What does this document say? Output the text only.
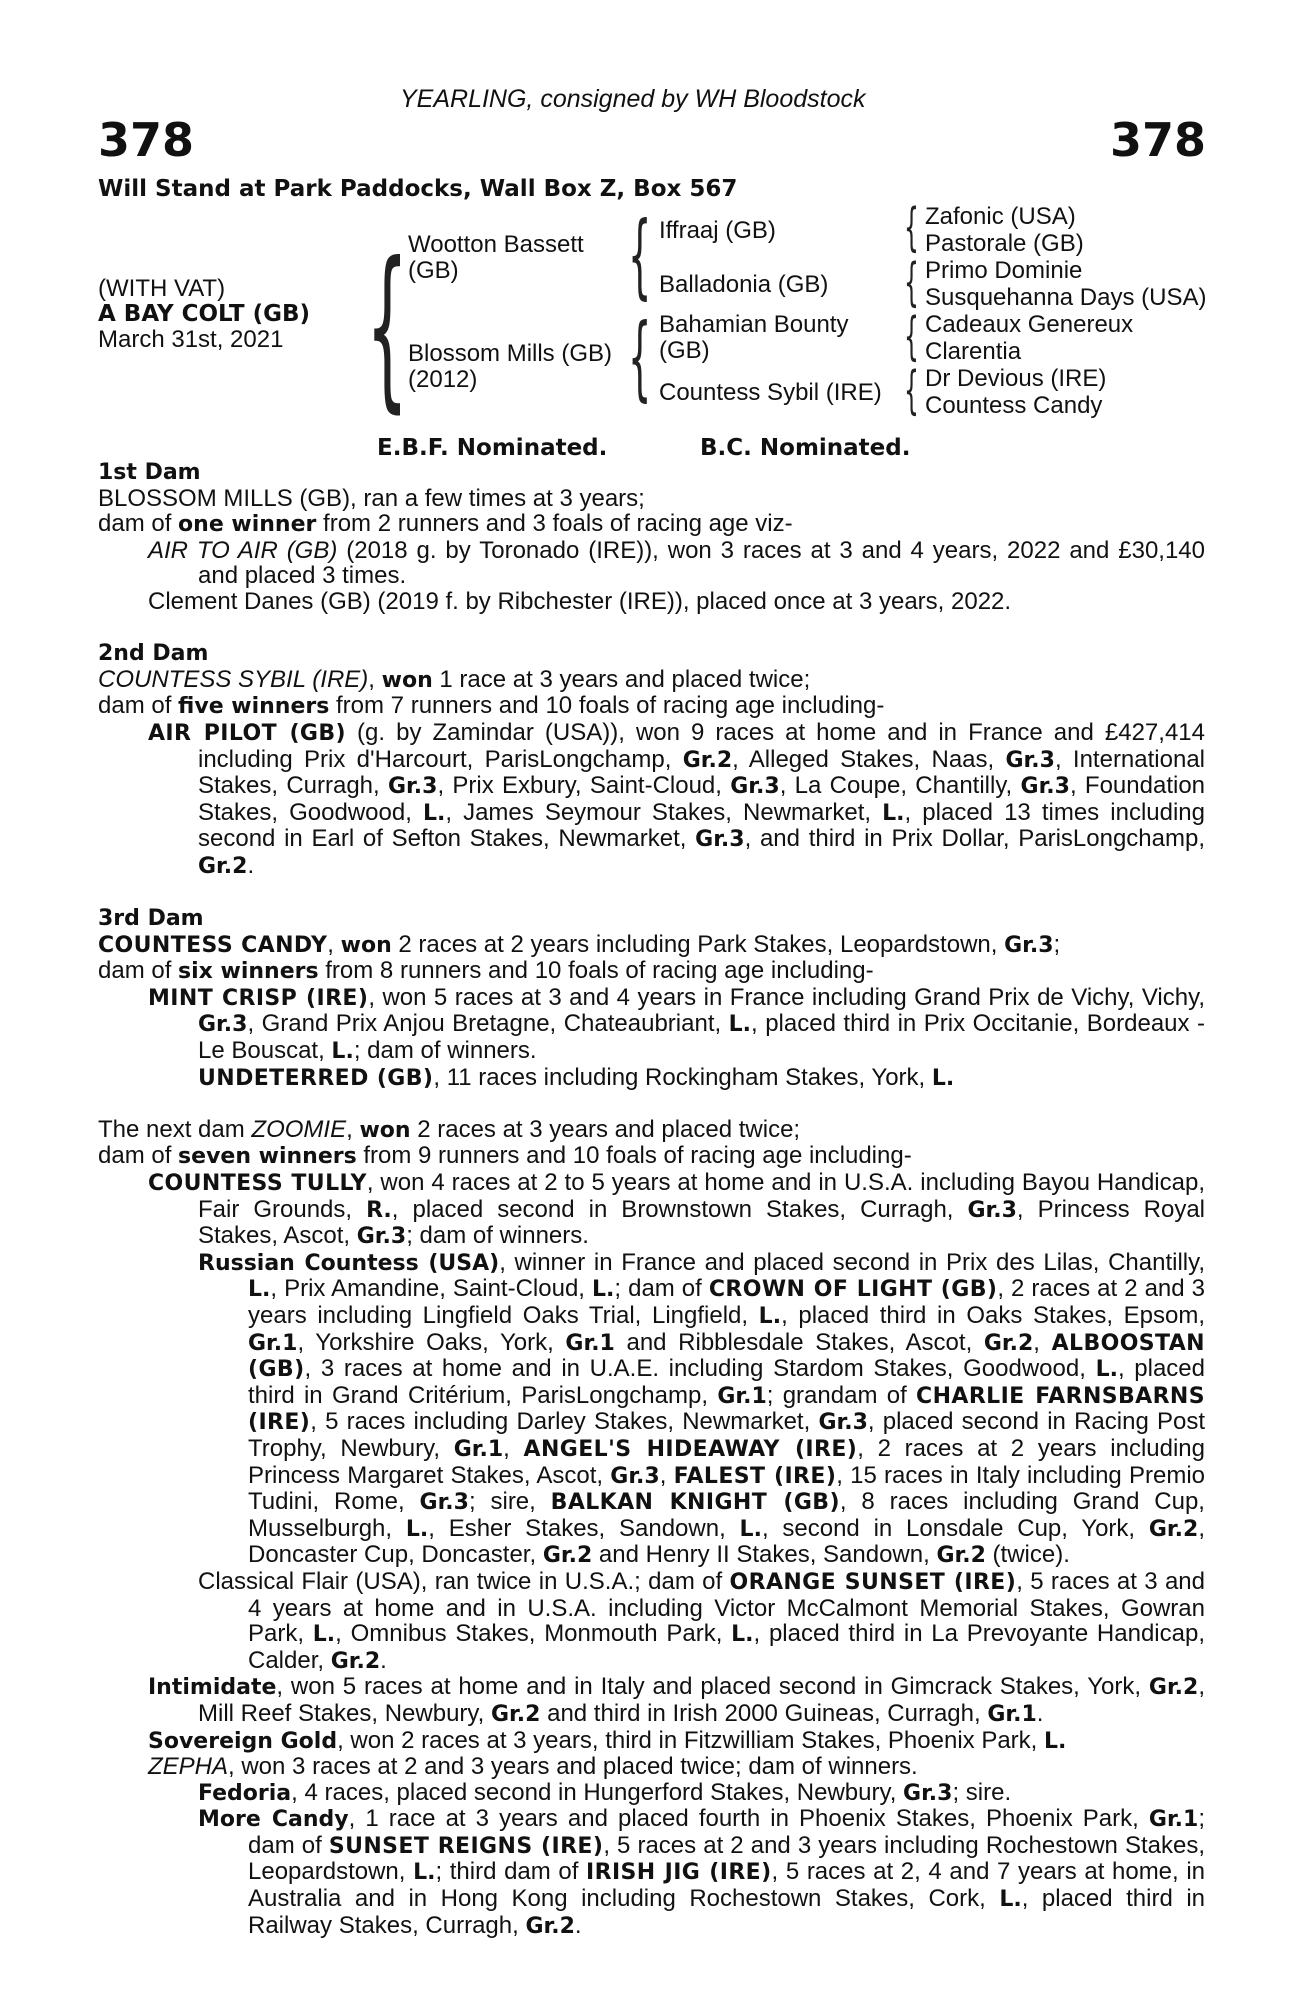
YEARLING, consigned by WH Bloodstock
378	378
Will Stand at Park Paddocks, Wall Box Z, Box 567
(WITH VAT)
A BAY COLT (GB)
March 31st, 2021 { Wootton Bassett
(GB)
Blossom Mills (GB)
(2012)
{
{
Iffraaj (GB)
Balladonia (GB)
Bahamian Bounty
(GB)
Countess Sybil (IRE)
{
{
{
{
Zafonic (USA)
Pastorale (GB)
Primo Dominie
Susquehanna Days (USA)
Cadeaux Genereux
Clarentia
Dr Devious (IRE)
Countess Candy
E.B.F. Nominated.	B.C. Nominated.
1st Dam
BLOSSOM MILLS (GB), ran a few times at 3 years;
dam of one winner from 2 runners and 3 foals of racing age viz-
AIR TO AIR (GB) (2018 g. by Toronado (IRE)), won 3 races at 3 and 4 years, 2022 and £30,140 and placed 3 times.
Clement Danes (GB) (2019 f. by Ribchester (IRE)), placed once at 3 years, 2022.
2nd Dam
COUNTESS SYBIL (IRE), won 1 race at 3 years and placed twice;
dam of five winners from 7 runners and 10 foals of racing age including-
AIR PILOT (GB) (g. by Zamindar (USA)), won 9 races at home and in France and £427,414 including Prix d'Harcourt, ParisLongchamp, Gr.2, Alleged Stakes, Naas, Gr.3, International Stakes, Curragh, Gr.3, Prix Exbury, Saint-Cloud, Gr.3, La Coupe, Chantilly, Gr.3, Foundation Stakes, Goodwood, L., James Seymour Stakes, Newmarket, L., placed 13 times including second in Earl of Sefton Stakes, Newmarket, Gr.3, and third in Prix Dollar, ParisLongchamp, Gr.2.
3rd Dam
COUNTESS CANDY, won 2 races at 2 years including Park Stakes, Leopardstown, Gr.3;
dam of six winners from 8 runners and 10 foals of racing age including-
MINT CRISP (IRE), won 5 races at 3 and 4 years in France including Grand Prix de Vichy, Vichy, Gr.3, Grand Prix Anjou Bretagne, Chateaubriant, L., placed third in Prix Occitanie, Bordeaux - Le Bouscat, L.; dam of winners.
UNDETERRED (GB), 11 races including Rockingham Stakes, York, L.
The next dam ZOOMIE, won 2 races at 3 years and placed twice;
dam of seven winners from 9 runners and 10 foals of racing age including-
COUNTESS TULLY, won 4 races at 2 to 5 years at home and in U.S.A. including Bayou Handicap, Fair Grounds, R., placed second in Brownstown Stakes, Curragh, Gr.3, Princess Royal Stakes, Ascot, Gr.3; dam of winners.
Russian Countess (USA), winner in France and placed second in Prix des Lilas, Chantilly, L., Prix Amandine, Saint-Cloud, L.; dam of CROWN OF LIGHT (GB), 2 races at 2 and 3 years including Lingfield Oaks Trial, Lingfield, L., placed third in Oaks Stakes, Epsom, Gr.1, Yorkshire Oaks, York, Gr.1 and Ribblesdale Stakes, Ascot, Gr.2, ALBOOSTAN (GB), 3 races at home and in U.A.E. including Stardom Stakes, Goodwood, L., placed third in Grand Critérium, ParisLongchamp, Gr.1; grandam of CHARLIE FARNSBARNS (IRE), 5 races including Darley Stakes, Newmarket, Gr.3, placed second in Racing Post Trophy, Newbury, Gr.1, ANGEL'S HIDEAWAY (IRE), 2 races at 2 years including Princess Margaret Stakes, Ascot, Gr.3, FALEST (IRE), 15 races in Italy including Premio Tudini, Rome, Gr.3; sire, BALKAN KNIGHT (GB), 8 races including Grand Cup, Musselburgh, L., Esher Stakes, Sandown, L., second in Lonsdale Cup, York, Gr.2, Doncaster Cup, Doncaster, Gr.2 and Henry II Stakes, Sandown, Gr.2 (twice).
Classical Flair (USA), ran twice in U.S.A.; dam of ORANGE SUNSET (IRE), 5 races at 3 and 4 years at home and in U.S.A. including Victor McCalmont Memorial Stakes, Gowran Park, L., Omnibus Stakes, Monmouth Park, L., placed third in La Prevoyante Handicap, Calder, Gr.2.
Intimidate, won 5 races at home and in Italy and placed second in Gimcrack Stakes, York, Gr.2, Mill Reef Stakes, Newbury, Gr.2 and third in Irish 2000 Guineas, Curragh, Gr.1.
Sovereign Gold, won 2 races at 3 years, third in Fitzwilliam Stakes, Phoenix Park, L.
ZEPHA, won 3 races at 2 and 3 years and placed twice; dam of winners.
Fedoria, 4 races, placed second in Hungerford Stakes, Newbury, Gr.3; sire.
More Candy, 1 race at 3 years and placed fourth in Phoenix Stakes, Phoenix Park, Gr.1; dam of SUNSET REIGNS (IRE), 5 races at 2 and 3 years including Rochestown Stakes, Leopardstown, L.; third dam of IRISH JIG (IRE), 5 races at 2, 4 and 7 years at home, in Australia and in Hong Kong including Rochestown Stakes, Cork, L., placed third in Railway Stakes, Curragh, Gr.2.
